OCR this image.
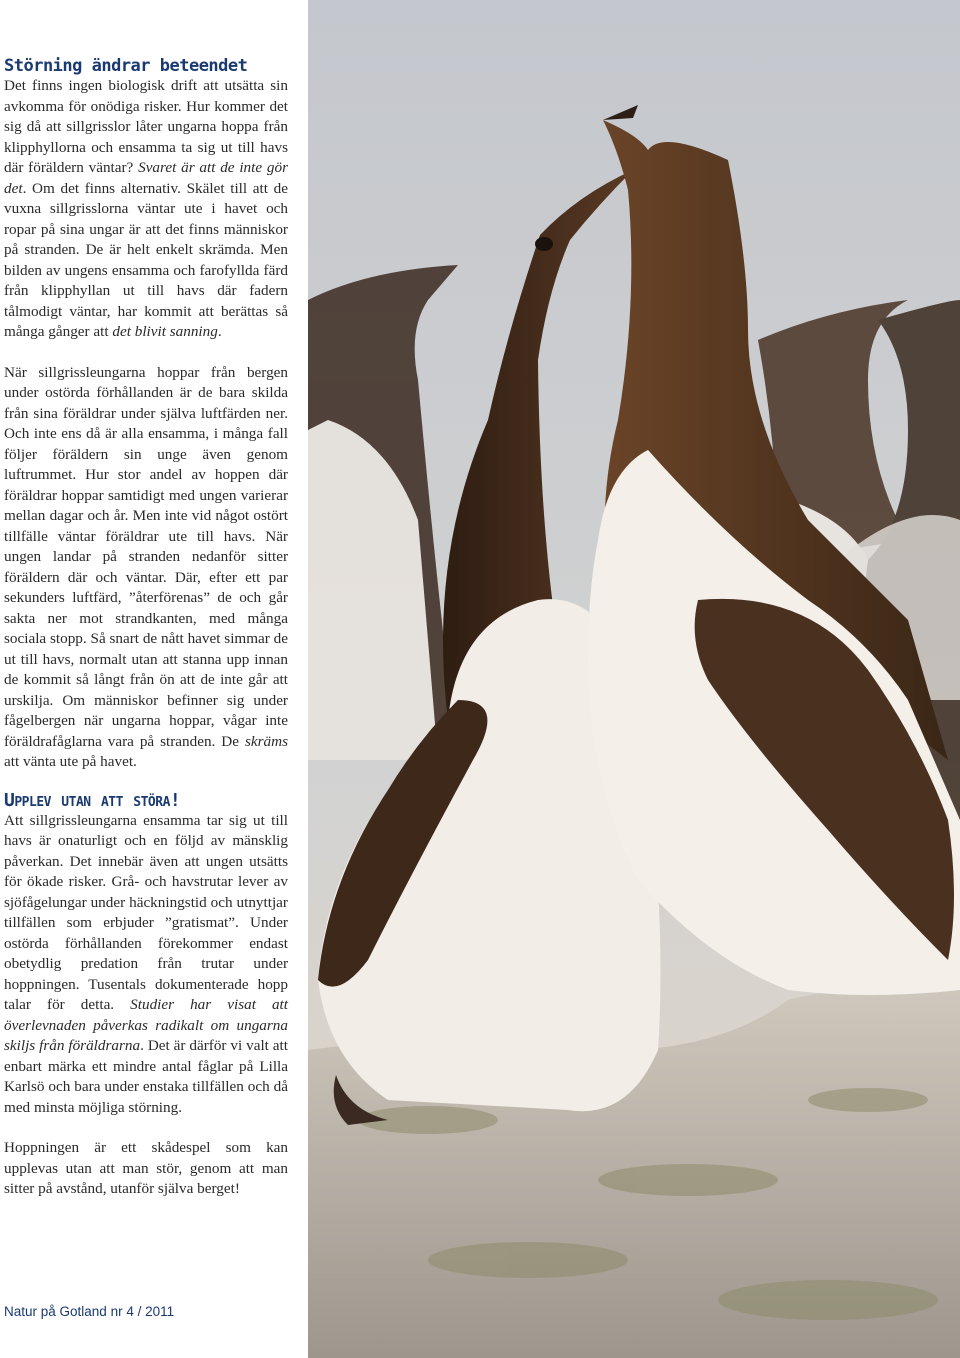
Störning ändrar beteendet

Det finns ingen biologisk drift att utsätta sin avkomma för onödiga risker. Hur kommer det sig då att sillgrisslor låter ungarna hoppa från klipphyllorna och ensamma ta sig ut till havs där föräldern väntar? Svaret är att de inte gör det. Om det finns alternativ. Skälet till att de vuxna sillgrisslorna väntar ute i havet och ropar på sina ungar är att det finns människor på stranden. De är helt enkelt skrämda. Men bilden av ungens ensamma och farofyllda färd från klipphyllan ut till havs där fadern tålmodigt väntar, har kommit att berättas så många gånger att det blivit sanning.

När sillgrissleungarna hoppar från bergen under ostörda förhållanden är de bara skilda från sina föräldrar under själva luftfärden ner. Och inte ens då är alla ensamma, i många fall följer föräldern sin unge även genom luftrummet. Hur stor andel av hoppen där föräldrar hoppar samtidigt med ungen varierar mellan dagar och år. Men inte vid något ostört tillfälle väntar föräldrar ute till havs. När ungen landar på stranden nedanför sitter föräldern där och väntar. Där, efter ett par sekunders luftfärd, ”återförenas” de och går sakta ner mot strandkanten, med många sociala stopp. Så snart de nått havet simmar de ut till havs, normalt utan att stanna upp innan de kommit så långt från ön att de inte går att urskilja. Om människor befinner sig under fågelbergen när ungarna hoppar, vågar inte föräldrafåglarna vara på stranden. De skräms att vänta ute på havet.

Upplev utan att störa!

Att sillgrissleungarna ensamma tar sig ut till havs är onaturligt och en följd av mänsklig påverkan. Det innebär även att ungen utsätts för ökade risker. Grå- och havstrutar lever av sjöfågelungar under häckningstid och utnyttjar tillfällen som erbjuder ”gratismat”. Under ostörda förhållanden förekommer endast obetydlig predation från trutar under hoppningen. Tusentals dokumenterade hopp talar för detta. Studier har visat att överlevnaden påverkas radikalt om ungarna skiljs från föräldrarna. Det är därför vi valt att enbart märka ett mindre antal fåglar på Lilla Karlsö och bara under enstaka tillfällen och då med minsta möjliga störning.

Hoppningen är ett skådespel som kan upplevas utan att man stör, genom att man sitter på avstånd, utanför själva berget!

Natur på Gotland nr 4 / 2011
